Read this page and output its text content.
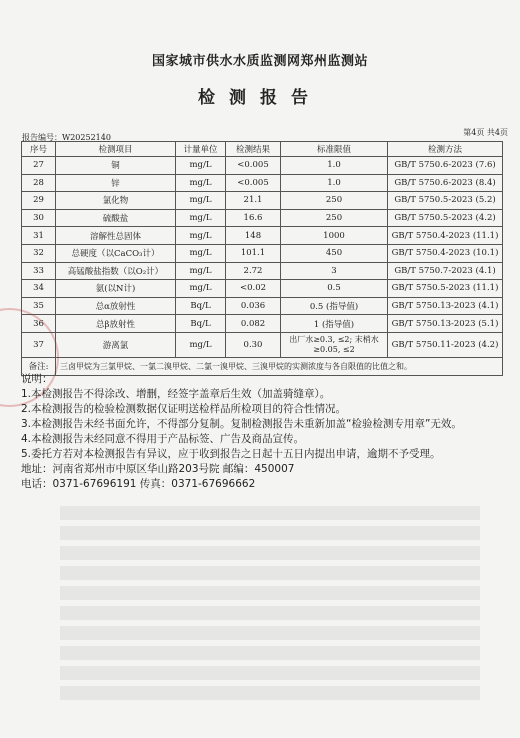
国家城市供水水质监测网郑州监测站
检测报告
报告编号：W20252140
第4页 共4页
序号	检测项目	计量单位	检测结果	标准限值	检测方法
27	铜	mg/L	<0.005	1.0	GB/T 5750.6-2023 (7.6)
28	锌	mg/L	<0.005	1.0	GB/T 5750.6-2023 (8.4)
29	氯化物	mg/L	21.1	250	GB/T 5750.5-2023 (5.2)
30	硫酸盐	mg/L	16.6	250	GB/T 5750.5-2023 (4.2)
31	溶解性总固体	mg/L	148	1000	GB/T 5750.4-2023 (11.1)
32	总硬度（以CaCO₃计）	mg/L	101.1	450	GB/T 5750.4-2023 (10.1)
33	高锰酸盐指数（以O₂计）	mg/L	2.72	3	GB/T 5750.7-2023 (4.1)
34	氨(以N计)	mg/L	<0.02	0.5	GB/T 5750.5-2023 (11.1)
35	总α放射性	Bq/L	0.036	0.5 (指导值)	GB/T 5750.13-2023 (4.1)
36	总β放射性	Bq/L	0.082	1 (指导值)	GB/T 5750.13-2023 (5.1)
37	游离氯	mg/L	0.30	出厂水≥0.3, ≤2; 末梢水≥0.05, ≤2	GB/T 5750.11-2023 (4.2)
备注:	三卤甲烷为三氯甲烷、一氯二溴甲烷、二氯一溴甲烷、三溴甲烷的实测浓度与各自限值的比值之和。				
说明：
1.本检测报告不得涂改、增删，经签字盖章后生效（加盖骑缝章）。
2.本检测报告的检验检测数据仅证明送检样品所检项目的符合性情况。
3.本检测报告未经书面允许，不得部分复制。复制检测报告未重新加盖“检验检测专用章”无效。
4.本检测报告未经同意不得用于产品标签、广告及商品宣传。
5.委托方若对本检测报告有异议，应于收到报告之日起十五日内提出申请，逾期不予受理。
地址：河南省郑州市中原区华山路203号院 邮编：450007
电话：0371-67696191 传真：0371-67696662
